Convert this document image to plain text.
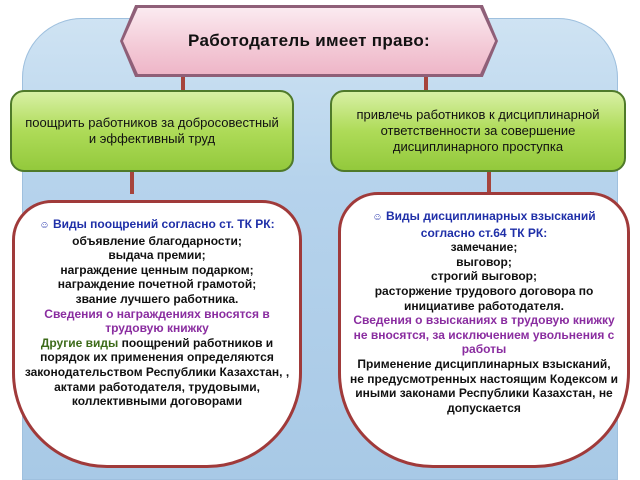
Работодатель имеет право:
поощрить работников за добросовестный и эффективный труд
привлечь работников к дисциплинарной ответственности за совершение дисциплинарного проступка
☺ Виды поощрений согласно ст. ТК РК:
объявление благодарности;
выдача премии;
награждение ценным подарком;
награждение почетной грамотой;
звание лучшего работника.
Сведения о награждениях вносятся в трудовую книжку
Другие виды поощрений работников и порядок их применения определяются законодательством Республики Казахстан, , актами работодателя, трудовыми, коллективными договорами
☺ Виды дисциплинарных взысканий согласно ст.64 ТК РК:
замечание;
выговор;
строгий выговор;
расторжение трудового договора по инициативе работодателя.
Сведения о взысканиях в трудовую книжку не вносятся, за исключением увольнения с работы
Применение дисциплинарных взысканий, не предусмотренных настоящим Кодексом и иными законами Республики Казахстан, не допускается
